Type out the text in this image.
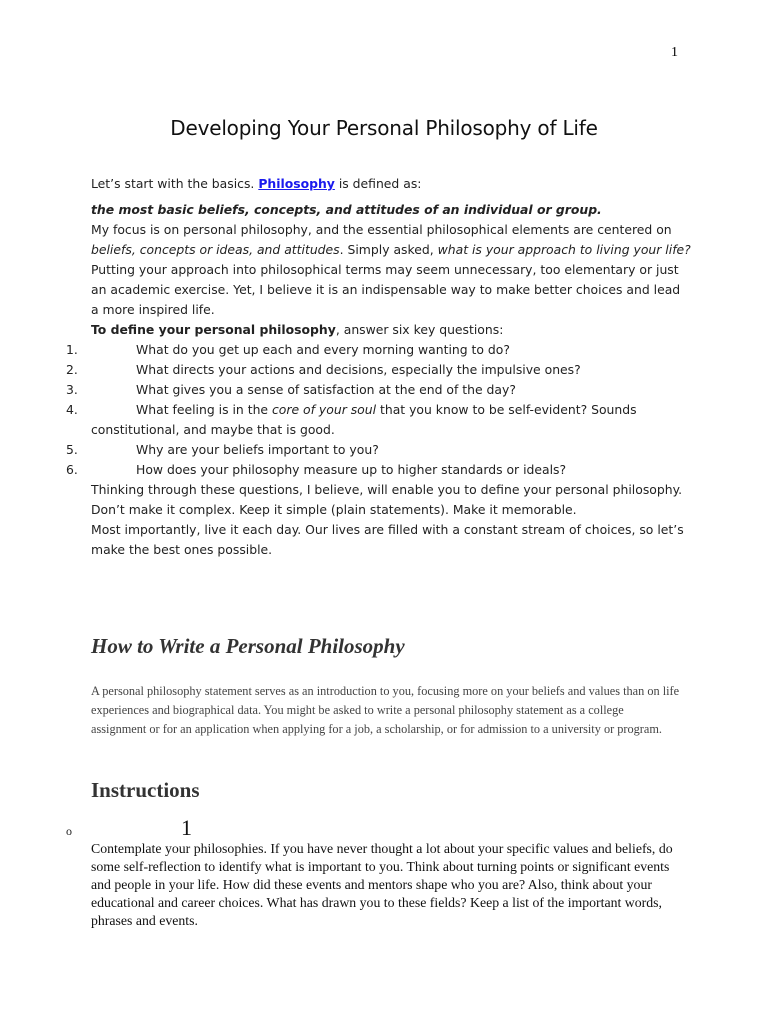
1
Developing Your Personal Philosophy of Life

Let’s start with the basics. Philosophy is defined as:

the most basic beliefs, concepts, and attitudes of an individual or group.

My focus is on personal philosophy, and the essential philosophical elements are centered on beliefs, concepts or ideas, and attitudes. Simply asked, what is your approach to living your life?

Putting your approach into philosophical terms may seem unnecessary, too elementary or just an academic exercise. Yet, I believe it is an indispensable way to make better choices and lead a more inspired life.

To define your personal philosophy, answer six key questions:

1.	What do you get up each and every morning wanting to do?
2.	What directs your actions and decisions, especially the impulsive ones?
3.	What gives you a sense of satisfaction at the end of the day?
4.	What feeling is in the core of your soul that you know to be self-evident? Sounds
constitutional, and maybe that is good.
5.	Why are your beliefs important to you?
6.	How does your philosophy measure up to higher standards or ideals?

Thinking through these questions, I believe, will enable you to define your personal philosophy. Don’t make it complex. Keep it simple (plain statements). Make it memorable.

Most importantly, live it each day. Our lives are filled with a constant stream of choices, so let’s make the best ones possible.

How to Write a Personal Philosophy
A personal philosophy statement serves as an introduction to you, focusing more on your beliefs and values than on life experiences and biographical data. You might be asked to write a personal philosophy statement as a college assignment or for an application when applying for a job, a scholarship, or for admission to a university or program.
Instructions
o	1
Contemplate your philosophies. If you have never thought a lot about your specific values and beliefs, do some self-reflection to identify what is important to you. Think about turning points or significant events and people in your life. How did these events and mentors shape who you are? Also, think about your educational and career choices. What has drawn you to these fields? Keep a list of the important words, phrases and events.
